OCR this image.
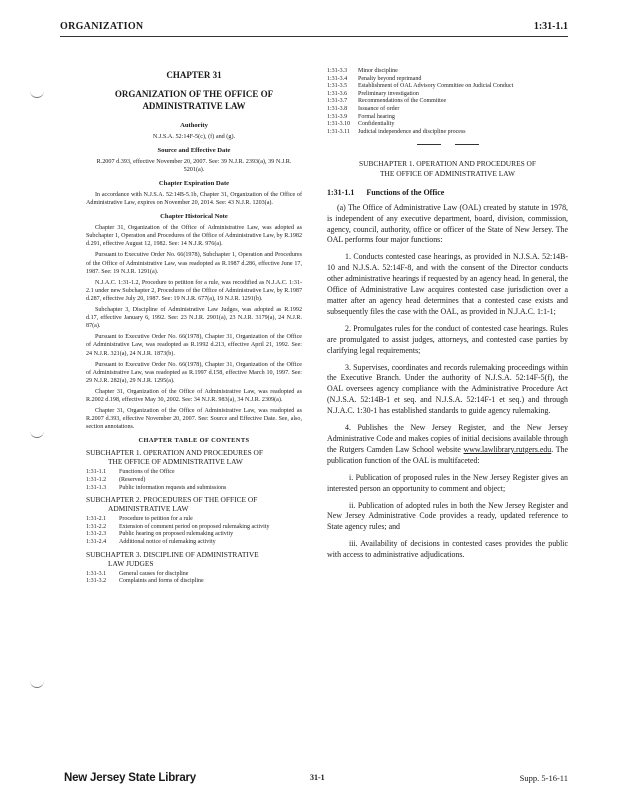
ORGANIZATION	1:31-1.1
CHAPTER 31
ORGANIZATION OF THE OFFICE OF ADMINISTRATIVE LAW
Authority
N.J.S.A. 52:14F-5(c), (f) and (g).
Source and Effective Date
R.2007 d.393, effective November 20, 2007. See: 39 N.J.R. 2393(a), 39 N.J.R. 5201(a).
Chapter Expiration Date
In accordance with N.J.S.A. 52:14B-5.1b, Chapter 31, Organization of the Office of Administrative Law, expires on November 20, 2014. See: 43 N.J.R. 1203(a).
Chapter Historical Note
Chapter 31, Organization of the Office of Administrative Law, was adopted as Subchapter 1, Operation and Procedures of the Office of Administrative Law, by R.1982 d.291, effective August 12, 1982. See: 14 N.J.R. 976(a).
Pursuant to Executive Order No. 66(1978), Subchapter 1, Operation and Procedures of the Office of Administrative Law, was readopted as R.1987 d.286, effective June 17, 1987. See: 19 N.J.R. 1291(a).
N.J.A.C. 1:31-1.2, Procedure to petition for a rule, was recodified as N.J.A.C. 1:31-2.1 under new Subchapter 2, Procedures of the Office of Administrative Law, by R.1987 d.287, effective July 20, 1987. See: 19 N.J.R. 677(a), 19 N.J.R. 1291(b).
Subchapter 3, Discipline of Administrative Law Judges, was adopted as R.1992 d.17, effective January 6, 1992. See: 23 N.J.R. 2901(a), 23 N.J.R. 3179(a), 24 N.J.R. 87(a).
Pursuant to Executive Order No. 66(1978), Chapter 31, Organization of the Office of Administrative Law, was readopted as R.1992 d.213, effective April 21, 1992. See: 24 N.J.R. 321(a), 24 N.J.R. 1873(b).
Pursuant to Executive Order No. 66(1978), Chapter 31, Organization of the Office of Administrative Law, was readopted as R.1997 d.158, effective March 10, 1997. See: 29 N.J.R. 282(a), 29 N.J.R. 1295(a).
Chapter 31, Organization of the Office of Administrative Law, was readopted as R.2002 d.198, effective May 30, 2002. See: 34 N.J.R. 983(a), 34 N.J.R. 2309(a).
Chapter 31, Organization of the Office of Administrative Law, was readopted as R.2007 d.393, effective November 20, 2007. See: Source and Effective Date. See, also, section annotations.
CHAPTER TABLE OF CONTENTS
SUBCHAPTER 1. OPERATION AND PROCEDURES OF
THE OFFICE OF ADMINISTRATIVE LAW
1:31-1.1	Functions of the Office
1:31-1.2	(Reserved)
1:31-1.3	Public information requests and submissions
SUBCHAPTER 2. PROCEDURES OF THE OFFICE OF
ADMINISTRATIVE LAW
1:31-2.1	Procedure to petition for a rule
1:31-2.2	Extension of comment period on proposed rulemaking activity
1:31-2.3	Public hearing on proposed rulemaking activity
1:31-2.4	Additional notice of rulemaking activity
SUBCHAPTER 3. DISCIPLINE OF ADMINISTRATIVE
LAW JUDGES
1:31-3.1	General causes for discipline
1:31-3.2	Complaints and forms of discipline
1:31-3.3	Minor discipline
1:31-3.4	Penalty beyond reprimand
1:31-3.5	Establishment of OAL Advisory Committee on Judicial Conduct
1:31-3.6	Preliminary investigation
1:31-3.7	Recommendations of the Committee
1:31-3.8	Issuance of order
1:31-3.9	Formal hearing
1:31-3.10	Confidentiality
1:31-3.11	Judicial independence and discipline process
SUBCHAPTER 1. OPERATION AND PROCEDURES OF
THE OFFICE OF ADMINISTRATIVE LAW
1:31-1.1 Functions of the Office
(a) The Office of Administrative Law (OAL) created by statute in 1978, is independent of any executive department, board, division, commission, agency, council, authority, office or officer of the State of New Jersey. The OAL performs four major functions:
1. Conducts contested case hearings, as provided in N.J.S.A. 52:14B-10 and N.J.S.A. 52:14F-8, and with the consent of the Director conducts other administrative hearings if requested by an agency head. In general, the Office of Administrative Law acquires contested case jurisdiction over a matter after an agency head determines that a contested case exists and subsequently files the case with the OAL, as provided in N.J.A.C. 1:1-1;
2. Promulgates rules for the conduct of contested case hearings. Rules are promulgated to assist judges, attorneys, and contested case parties by clarifying legal requirements;
3. Supervises, coordinates and records rulemaking proceedings within the Executive Branch. Under the authority of N.J.S.A. 52:14F-5(f), the OAL oversees agency compliance with the Administrative Procedure Act (N.J.S.A. 52:14B-1 et seq. and N.J.S.A. 52:14F-1 et seq.) and through N.J.A.C. 1:30-1 has established standards to guide agency rulemaking.
4. Publishes the New Jersey Register, and the New Jersey Administrative Code and makes copies of initial decisions available through the Rutgers Camden Law School website www.lawlibrary.rutgers.edu. The publication function of the OAL is multifaceted:
i. Publication of proposed rules in the New Jersey Register gives an interested person an opportunity to comment and object;
ii. Publication of adopted rules in both the New Jersey Register and New Jersey Administrative Code provides a ready, updated reference to State agency rules; and
iii. Availability of decisions in contested cases provides the public with access to administrative adjudications.
New Jersey State Library	31-1	Supp. 5-16-11
